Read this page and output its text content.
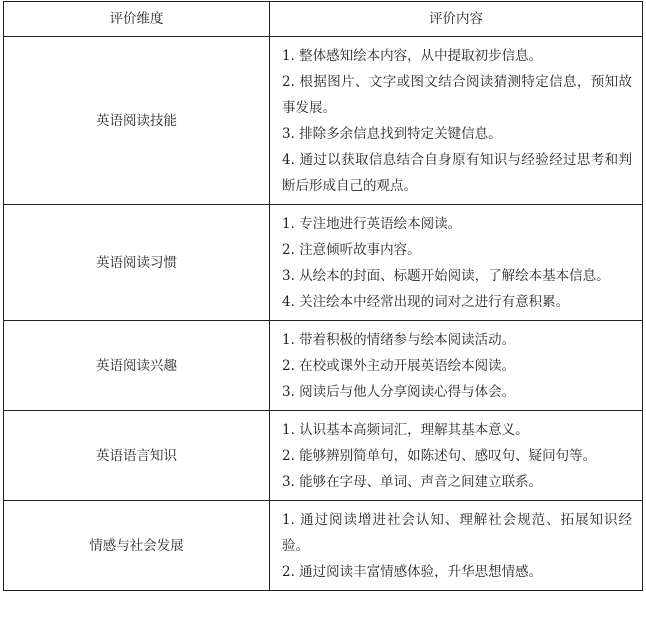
评价维度	评价内容
英语阅读技能	1. 整体感知绘本内容，从中提取初步信息。
2. 根据图片、文字或图文结合阅读猜测特定信息，预知故事发展。
3. 排除多余信息找到特定关键信息。
4. 通过以获取信息结合自身原有知识与经验经过思考和判断后形成自己的观点。

英语阅读习惯	1. 专注地进行英语绘本阅读。
2. 注意倾听故事内容。
3. 从绘本的封面、标题开始阅读，了解绘本基本信息。
4. 关注绘本中经常出现的词对之进行有意积累。

英语阅读兴趣	1. 带着积极的情绪参与绘本阅读活动。
2. 在校或课外主动开展英语绘本阅读。
3. 阅读后与他人分享阅读心得与体会。

英语语言知识	1. 认识基本高频词汇，理解其基本意义。
2. 能够辨别简单句，如陈述句、感叹句、疑问句等。
3. 能够在字母、单词、声音之间建立联系。

情感与社会发展	1. 通过阅读增进社会认知、理解社会规范、拓展知识经验。
2. 通过阅读丰富情感体验，升华思想情感。
